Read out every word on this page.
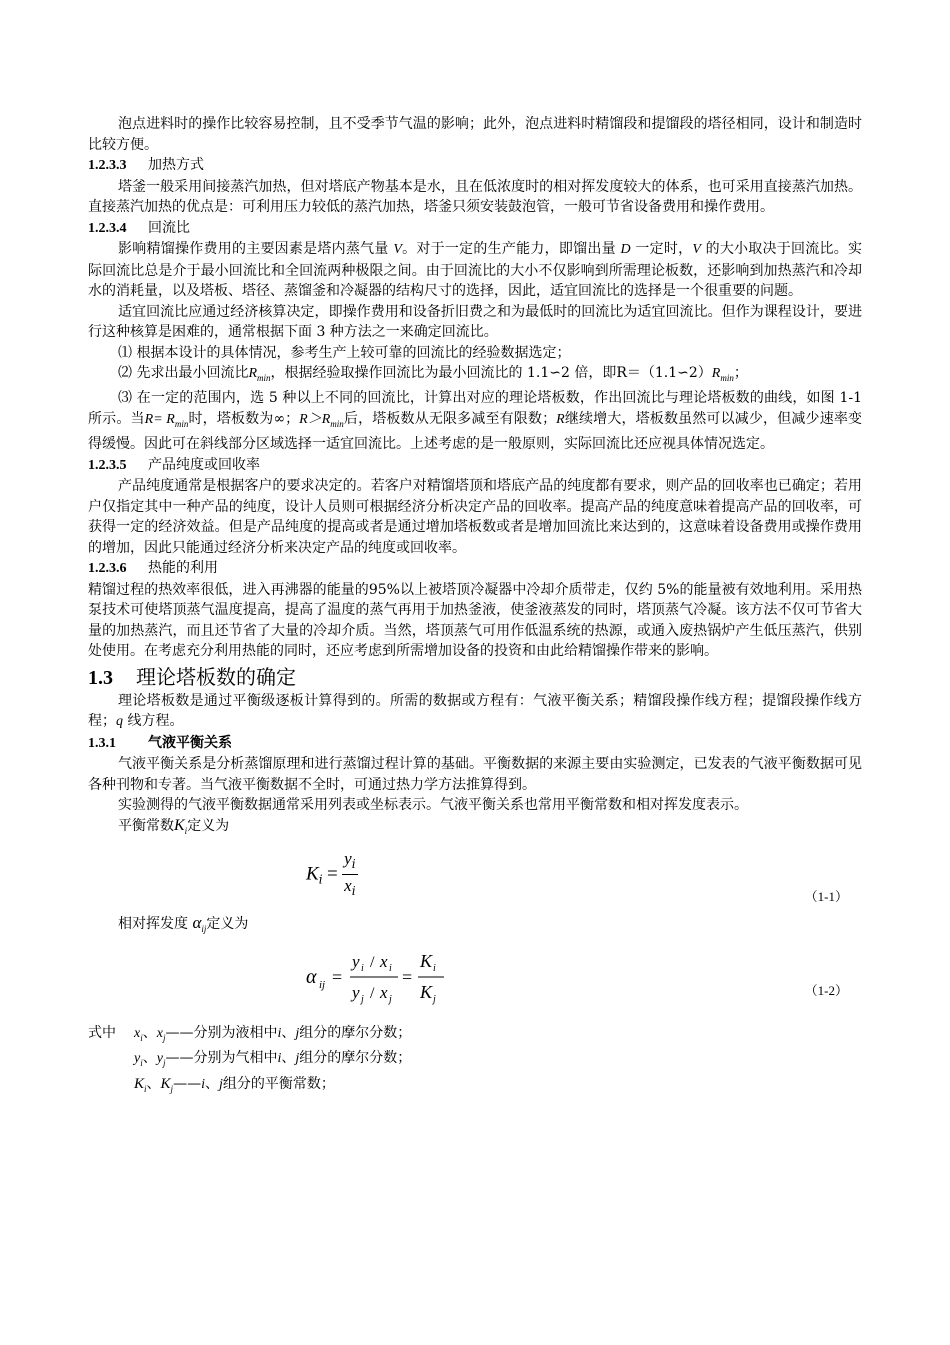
泡点进料时的操作比较容易控制，且不受季节气温的影响；此外，泡点进料时精馏段和提馏段的塔径相同，设计和制造时比较方便。

1.2.3.3 加热方式

塔釜一般采用间接蒸汽加热，但对塔底产物基本是水，且在低浓度时的相对挥发度较大的体系，也可采用直接蒸汽加热。直接蒸汽加热的优点是：可利用压力较低的蒸汽加热，塔釜只须安装鼓泡管，一般可节省设备费用和操作费用。

1.2.3.4 回流比

影响精馏操作费用的主要因素是塔内蒸气量 V。对于一定的生产能力，即馏出量 D 一定时，V 的大小取决于回流比。实际回流比总是介于最小回流比和全回流两种极限之间。由于回流比的大小不仅影响到所需理论板数，还影响到加热蒸汽和冷却水的消耗量，以及塔板、塔径、蒸馏釜和冷凝器的结构尺寸的选择，因此，适宜回流比的选择是一个很重要的问题。

适宜回流比应通过经济核算决定，即操作费用和设备折旧费之和为最低时的回流比为适宜回流比。但作为课程设计，要进行这种核算是困难的，通常根据下面 3 种方法之一来确定回流比。

⑴ 根据本设计的具体情况，参考生产上较可靠的回流比的经验数据选定；

⑵ 先求出最小回流比$R_{min}$，根据经验取操作回流比为最小回流比的 1.1∽2 倍，即$R=(1.1∽2)R_{min}$；

⑶ 在一定的范围内，选 5 种以上不同的回流比，计算出对应的理论塔板数，作出回流比与理论塔板数的曲线，如图 1-1 所示。当$R= R_{min}$时，塔板数为∞；$R>R_{min}$后，塔板数从无限多减至有限数；R继续增大，塔板数虽然可以减少，但减少速率变得缓慢。因此可在斜线部分区域选择一适宜回流比。上述考虑的是一般原则，实际回流比还应视具体情况选定。

1.2.3.5 产品纯度或回收率

产品纯度通常是根据客户的要求决定的。若客户对精馏塔顶和塔底产品的纯度都有要求，则产品的回收率也已确定；若用户仅指定其中一种产品的纯度，设计人员则可根据经济分析决定产品的回收率。提高产品的纯度意味着提高产品的回收率，可获得一定的经济效益。但是产品纯度的提高或者是通过增加塔板数或者是增加回流比来达到的，这意味着设备费用或操作费用的增加，因此只能通过经济分析来决定产品的纯度或回收率。

1.2.3.6 热能的利用

精馏过程的热效率很低，进入再沸器的能量的95%以上被塔顶冷凝器中冷却介质带走，仅约 5%的能量被有效地利用。采用热泵技术可使塔顶蒸气温度提高，提高了温度的蒸气再用于加热釜液，使釜液蒸发的同时，塔顶蒸气冷凝。该方法不仅可节省大量的加热蒸汽，而且还节省了大量的冷却介质。当然，塔顶蒸气可用作低温系统的热源，或通入废热锅炉产生低压蒸汽，供别处使用。在考虑充分利用热能的同时，还应考虑到所需增加设备的投资和由此给精馏操作带来的影响。

1.3 理论塔板数的确定

理论塔板数是通过平衡级逐板计算得到的。所需的数据或方程有：气液平衡关系；精馏段操作线方程；提馏段操作线方程；q 线方程。

1.3.1 气液平衡关系

气液平衡关系是分析蒸馏原理和进行蒸馏过程计算的基础。平衡数据的来源主要由实验测定，已发表的气液平衡数据可见各种刊物和专著。当气液平衡数据不全时，可通过热力学方法推算得到。

实验测得的气液平衡数据通常采用列表或坐标表示。气液平衡关系也常用平衡常数和相对挥发度表示。

平衡常数$K_i$定义为

$Ki = \frac{yi}{xi}$	（1-1）

相对挥发度 $\alpha_{ij}$定义为

α ij =
y i / x i
y j / x j
=
K i
K j
（1-2）

式中 $x_i$、$x_j——$分别为液相中i、j组分的摩尔分数；

$y_i$、$y_j——$分别为气相中i、j组分的摩尔分数；

$K_i$、$K_j——i$、j组分的平衡常数；
